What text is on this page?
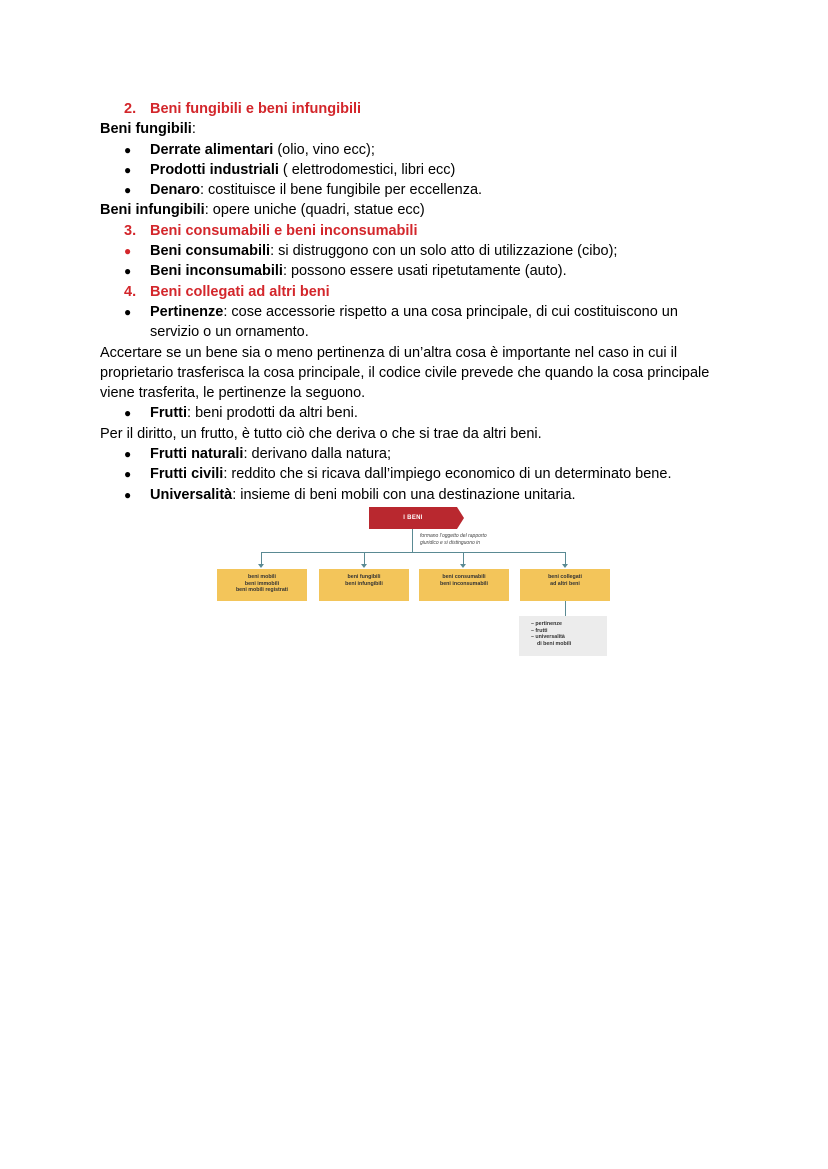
2. Beni fungibili e beni infungibili
Beni fungibili:
●	Derrate alimentari (olio, vino ecc);
●	Prodotti industriali ( elettrodomestici, libri ecc)
●	Denaro: costituisce il bene fungibile per eccellenza.
Beni infungibili: opere uniche (quadri, statue ecc)
3. Beni consumabili e beni inconsumabili
●	Beni consumabili: si distruggono con un solo atto di utilizzazione (cibo);
●	Beni inconsumabili: possono essere usati ripetutamente (auto).
4. Beni collegati ad altri beni
●	Pertinenze: cose accessorie rispetto a una cosa principale, di cui costituiscono un servizio o un ornamento.
Accertare se un bene sia o meno pertinenza di un’altra cosa è importante nel caso in cui il proprietario trasferisca la cosa principale, il codice civile prevede che quando la cosa principale viene trasferita, le pertinenze la seguono.
●	Frutti: beni prodotti da altri beni.
Per il diritto, un frutto, è tutto ciò che deriva o che si trae da altri beni.
●	Frutti naturali: derivano dalla natura;
●	Frutti civili: reddito che si ricava dall’impiego economico di un determinato bene.
●	Universalità: insieme di beni mobili con una destinazione unitaria.
I BENI
formano l’oggetto del rapporto
giuridico e si distinguono in
beni mobili
beni immobili
beni mobili registrati
beni fungibili
beni infungibili
beni consumabili
beni inconsumabili
beni collegati
ad altri beni
– pertinenze
– frutti
– universalità
di beni mobili
